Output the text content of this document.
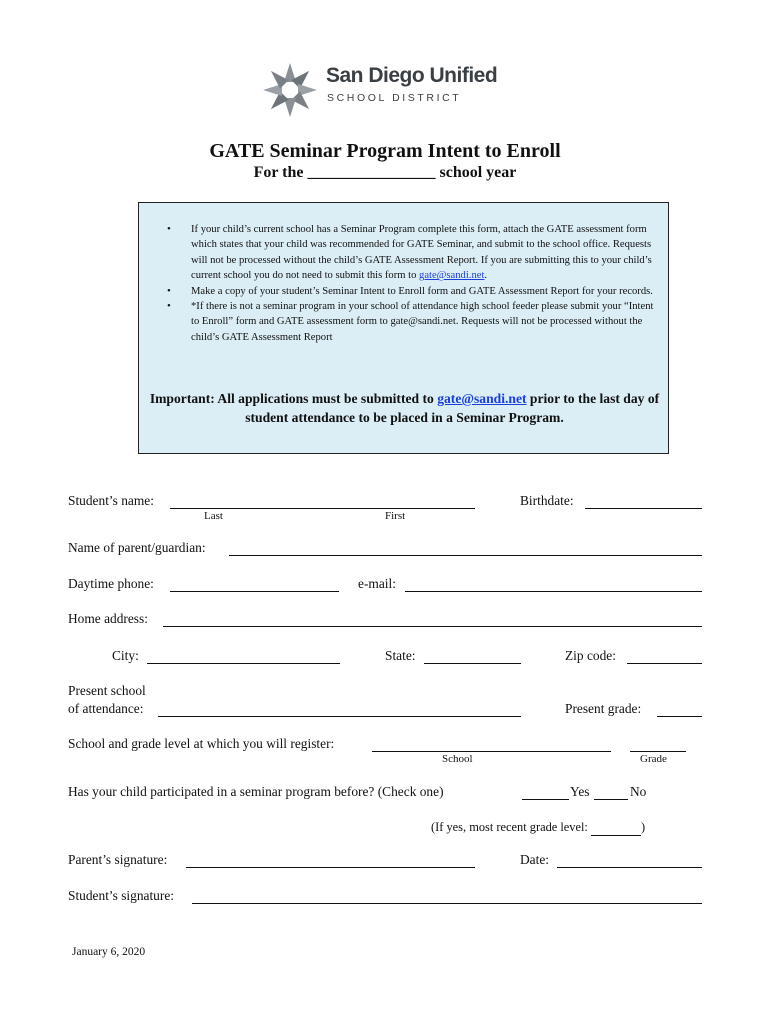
San Diego Unified
SCHOOL DISTRICT
GATE Seminar Program Intent to Enroll
For the ________________ school year
• If your child’s current school has a Seminar Program complete this form, attach the GATE assessment form which states that your child was recommended for GATE Seminar, and submit to the school office. Requests will not be processed without the child’s GATE Assessment Report. If you are submitting this to your child’s current school you do not need to submit this form to gate@sandi.net.
• Make a copy of your student’s Seminar Intent to Enroll form and GATE Assessment Report for your records.
• *If there is not a seminar program in your school of attendance high school feeder please submit your “Intent to Enroll” form and GATE assessment form to gate@sandi.net. Requests will not be processed without the child’s GATE Assessment Report
Important: All applications must be submitted to gate@sandi.net prior to the last day of student attendance to be placed in a Seminar Program.
Student’s name:
Last	First
Birthdate:
Name of parent/guardian:
Daytime phone:	e-mail:
Home address:
City:	State:	Zip code:
Present school
of attendance:	Present grade:
School and grade level at which you will register:
School	Grade
Has your child participated in a seminar program before? (Check one)	Yes	No
(If yes, most recent grade level:	)
Parent’s signature:	Date:
Student’s signature:
January 6, 2020
